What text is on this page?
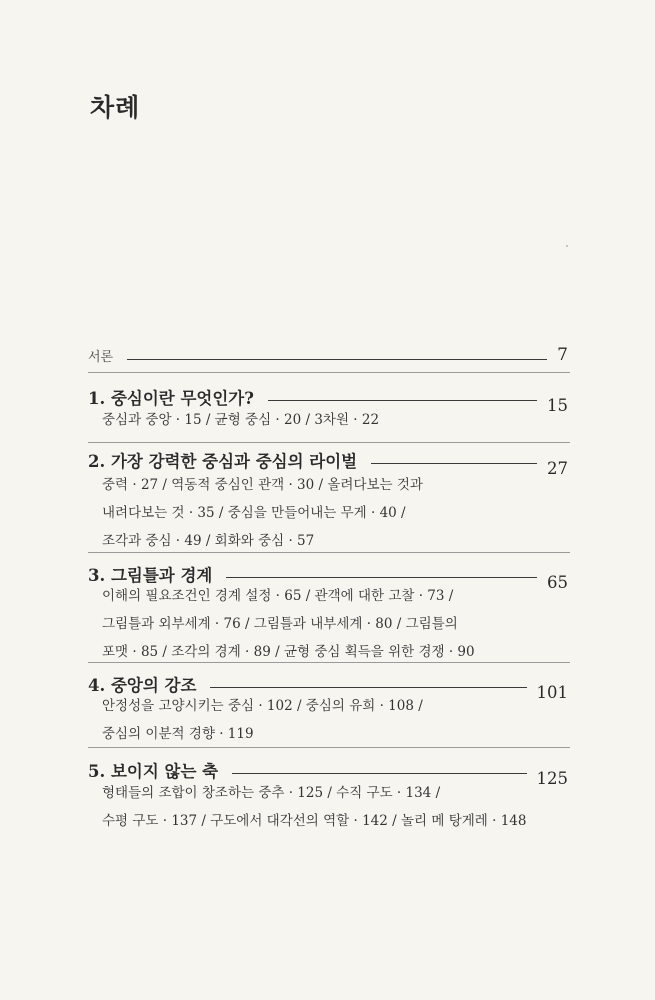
차례
서론	7
1. 중심이란 무엇인가?	15
중심과 중앙 · 15 / 균형 중심 · 20 / 3차원 · 22
2. 가장 강력한 중심과 중심의 라이벌	27
중력 · 27 / 역동적 중심인 관객 · 30 / 올려다보는 것과
내려다보는 것 · 35 / 중심을 만들어내는 무게 · 40 /
조각과 중심 · 49 / 회화와 중심 · 57
3. 그림틀과 경계	65
이해의 필요조건인 경계 설정 · 65 / 관객에 대한 고찰 · 73 /
그림틀과 외부세계 · 76 / 그림틀과 내부세계 · 80 / 그림틀의
포맷 · 85 / 조각의 경계 · 89 / 균형 중심 획득을 위한 경쟁 · 90
4. 중앙의 강조	101
안정성을 고양시키는 중심 · 102 / 중심의 유희 · 108 /
중심의 이분적 경향 · 119
5. 보이지 않는 축	125
형태들의 조합이 창조하는 중추 · 125 / 수직 구도 · 134 /
수평 구도 · 137 / 구도에서 대각선의 역할 · 142 / 놀리 메 탕게레 · 148
